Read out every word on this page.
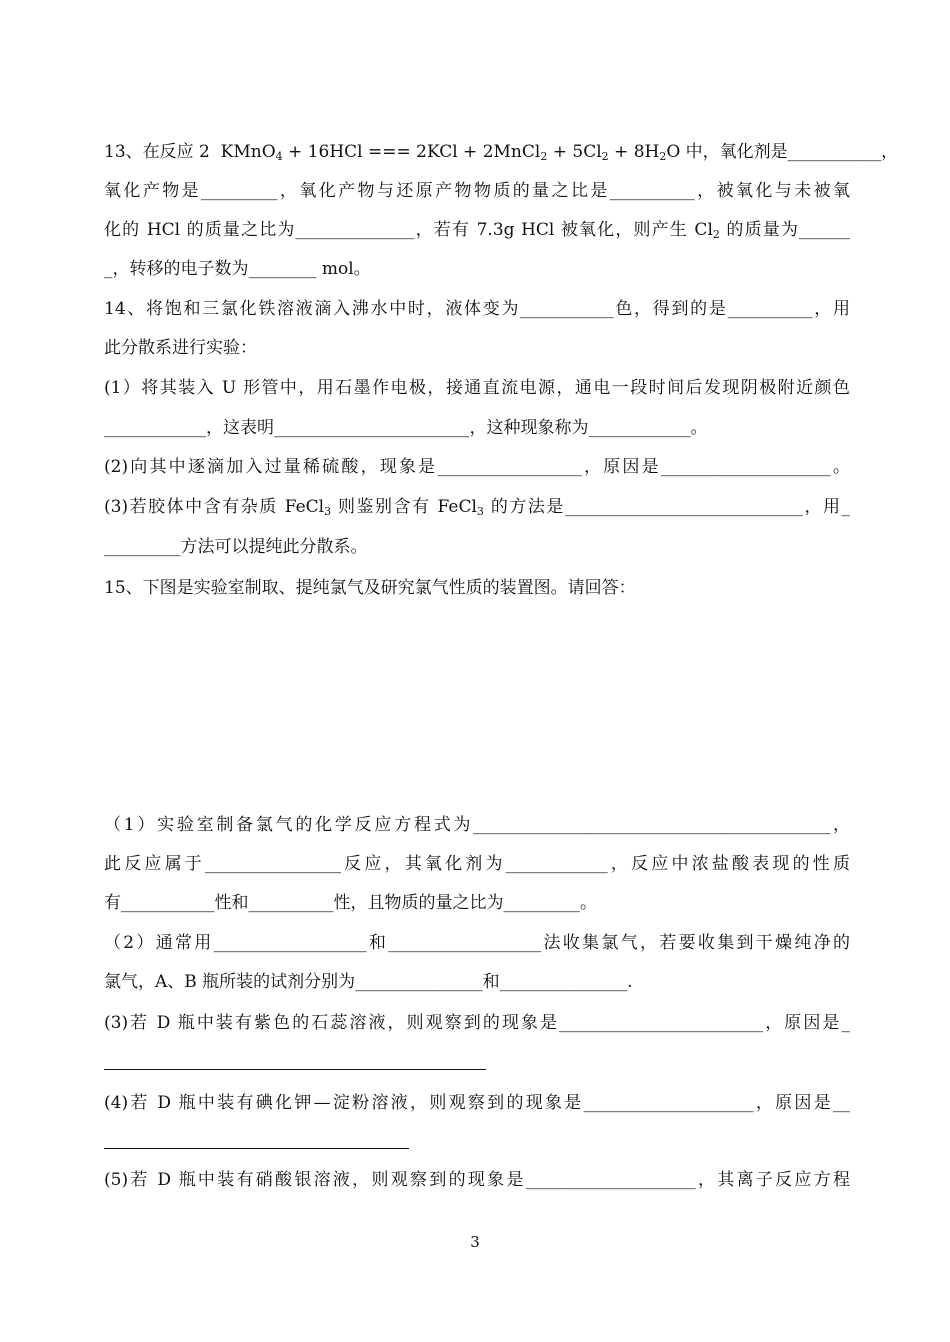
13、在反应 2  KMnO$_4$ + 16HCl === 2KCl + 2MnCl$_2$ + $5Cl_2 + 8H_2O$ 中，氧化剂是___________，
氧化产物是_________，氧化产物与还原产物物质的量之比是__________，被氧化与未被氧
化的 HCl 的质量之比为______________，若有 7.3g HCl 被氧化，则产生 $Cl_2$ 的质量为______
_，转移的电子数为________ mol。
14、将饱和三氯化铁溶液滴入沸水中时，液体变为___________色，得到的是__________，用
此分散系进行实验：
(1）将其装入 U 形管中，用石墨作电极，接通直流电源，通电一段时间后发现阴极附近颜色
____________，这表明_______________________，这种现象称为____________。
(2)向其中逐滴加入过量稀硫酸，现象是_________________，原因是____________________。
(3)若胶体中含有杂质 FeCl$_3$ 则鉴别含有 FeCl$_3$ 的方法是____________________________，用_
_________方法可以提纯此分散系。
15、下图是实验室制取、提纯氯气及研究氯气性质的装置图。请回答：
（1）实验室制备氯气的化学反应方程式为__________________________________________，
此反应属于________________反应，其氧化剂为____________，反应中浓盐酸表现的性质
有___________性和__________性，且物质的量之比为_________。
（2）通常用__________________和__________________法收集氯气，若要收集到干燥纯净的
氯气，A、B 瓶所装的试剂分别为_______________和_______________.
(3)若 D 瓶中装有紫色的石蕊溶液，则观察到的现象是________________________，原因是_
(4)若 D 瓶中装有碘化钾—淀粉溶液，则观察到的现象是____________________，原因是__
(5)若 D 瓶中装有硝酸银溶液，则观察到的现象是____________________，其离子反应方程
3
